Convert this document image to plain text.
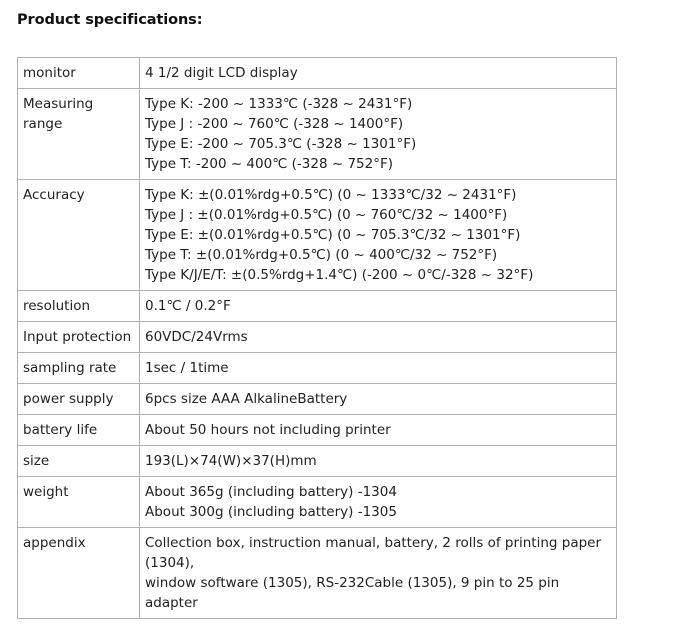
Product specifications:
monitor	4 1/2 digit LCD display

Measuring range	Type K: -200 ~ 1333℃ (-328 ~ 2431°F)
Type J : -200 ~ 760℃ (-328 ~ 1400°F)
Type E: -200 ~ 705.3℃ (-328 ~ 1301°F)
Type T: -200 ~ 400℃ (-328 ~ 752°F)

Accuracy	Type K: ±(0.01%rdg+0.5℃) (0 ~ 1333℃/32 ~ 2431°F)
Type J : ±(0.01%rdg+0.5℃) (0 ~ 760℃/32 ~ 1400°F)
Type E: ±(0.01%rdg+0.5℃) (0 ~ 705.3℃/32 ~ 1301°F)
Type T: ±(0.01%rdg+0.5℃) (0 ~ 400℃/32 ~ 752°F)
Type K/J/E/T: ±(0.5%rdg+1.4℃) (-200 ~ 0℃/-328 ~ 32°F)

resolution	0.1℃ / 0.2°F

Input protection	60VDC/24Vrms

sampling rate	1sec / 1time

power supply	6pcs size AAA AlkalineBattery

battery life	About 50 hours not including printer

size	193(L)×74(W)×37(H)mm

weight	About 365g (including battery) -1304
About 300g (including battery) -1305

appendix	Collection box, instruction manual, battery, 2 rolls of printing paper (1304),
window software (1305), RS-232Cable (1305), 9 pin to 25 pin adapter
